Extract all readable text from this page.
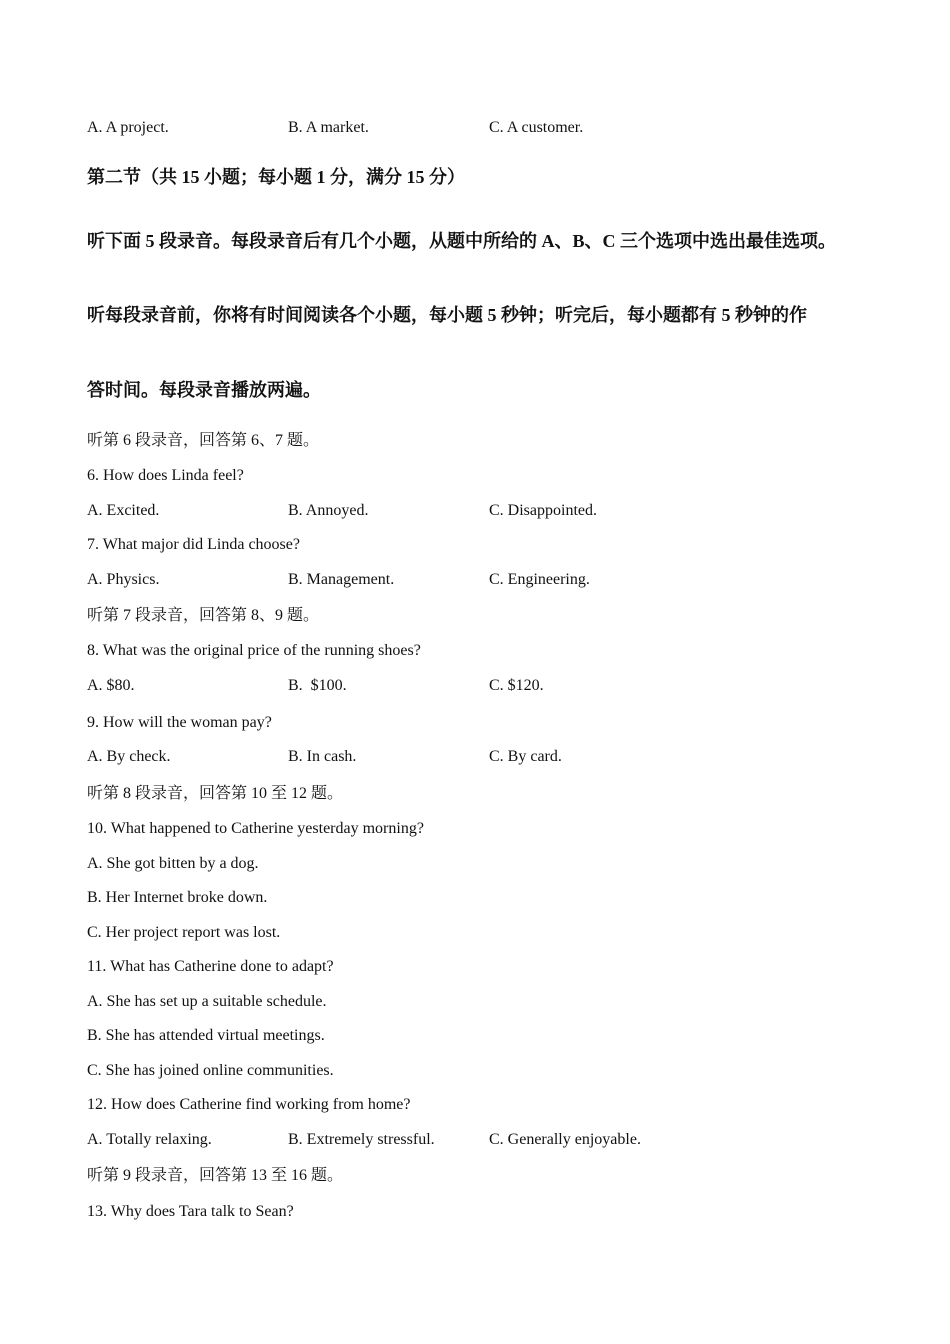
A. A project.	B. A market.	C. A customer.
第二节（共 15 小题；每小题 1 分，满分 15 分）
听下面 5 段录音。每段录音后有几个小题，从题中所给的 A、B、C 三个选项中选出最佳选项。
听每段录音前，你将有时间阅读各个小题，每小题 5 秒钟；听完后，每小题都有 5 秒钟的作
答时间。每段录音播放两遍。
听第 6 段录音，回答第 6、7 题。
6. How does Linda feel?
A. Excited.	B. Annoyed.	C. Disappointed.
7. What major did Linda choose?
A. Physics.	B. Management.	C. Engineering.
听第 7 段录音，回答第 8、9 题。
8. What was the original price of the running shoes?
A. $80.	B.  $100.	C. $120.
9. How will the woman pay?
A. By check.	B. In cash.	C. By card.
听第 8 段录音，回答第 10 至 12 题。
10. What happened to Catherine yesterday morning?
A. She got bitten by a dog.
B. Her Internet broke down.
C. Her project report was lost.
11. What has Catherine done to adapt?
A. She has set up a suitable schedule.
B. She has attended virtual meetings.
C. She has joined online communities.
12. How does Catherine find working from home?
A. Totally relaxing.	B. Extremely stressful.	C. Generally enjoyable.
听第 9 段录音，回答第 13 至 16 题。
13. Why does Tara talk to Sean?
